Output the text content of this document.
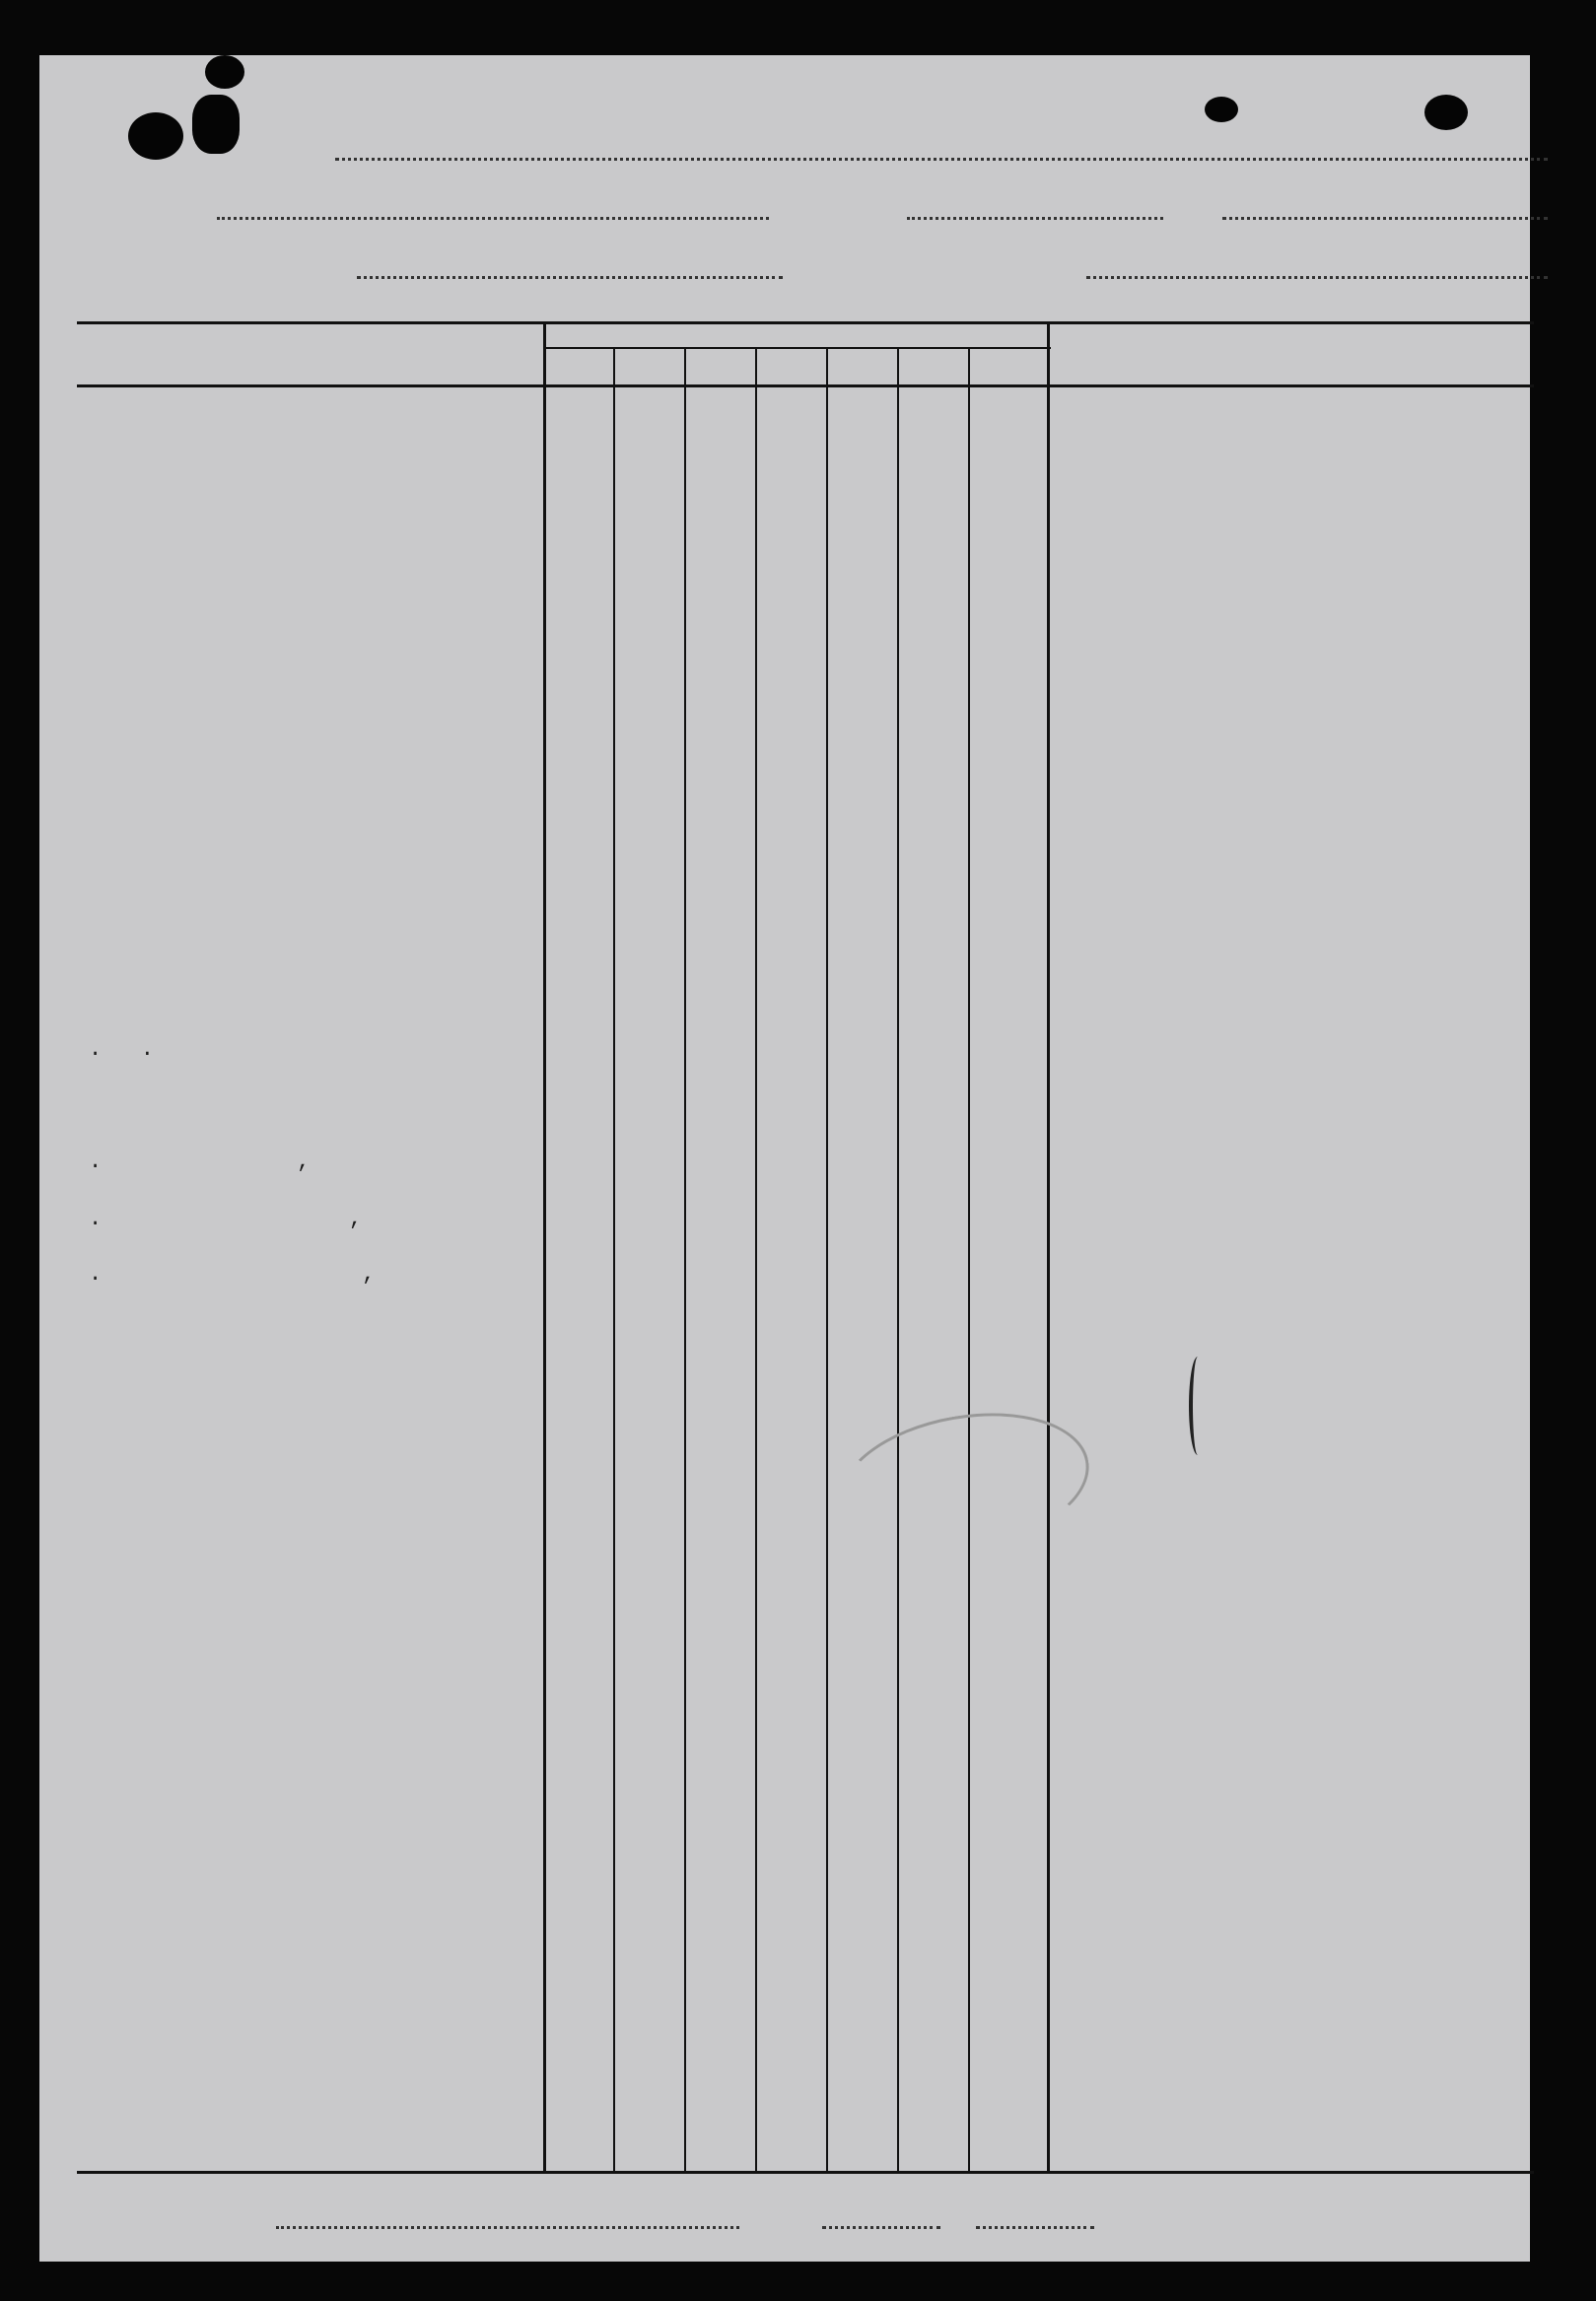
.   .
.               ,
.                   ,
.                    ,
